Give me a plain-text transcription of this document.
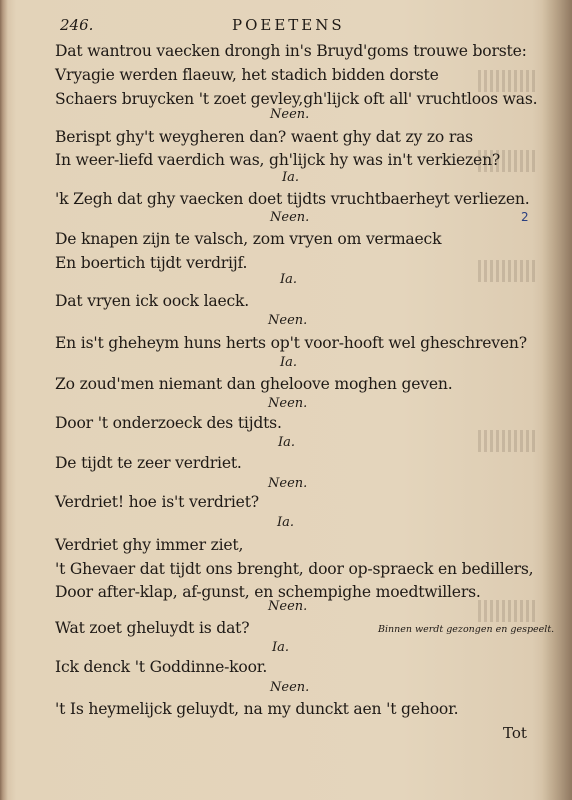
246.	POEETENS
Dat wantrou vaecken drongh in's Bruyd'goms trouwe borste:
Vryagie werden flaeuw, het stadich bidden dorste
Schaers bruycken 't zoet gevley,gh'lijck oft all' vruchtloos was.
Neen.
Berispt ghy't weygheren dan? waent ghy dat zy zo ras
In weer-liefd vaerdich was, gh'lijck hy was in't verkiezen?
Ia.
'k Zegh dat ghy vaecken doet tijdts vruchtbaerheyt verliezen.
Neen.
De knapen zijn te valsch, zom vryen om vermaeck
En boertich tijdt verdrijf.
Ia.
Dat vryen ick oock laeck.
Neen.
En is't gheheym huns herts op't voor-hooft wel gheschreven?
Ia.
Zo zoud'men niemant dan gheloove moghen geven.
Neen.
Door 't onderzoeck des tijdts.
Ia.
De tijdt te zeer verdriet.
Neen.
Verdriet! hoe is't verdriet?
Ia.
Verdriet ghy immer ziet,
't Ghevaer dat tijdt ons brenght, door op-spraeck en bedillers,
Door after-klap, af-gunst, en schempighe moedtwillers.
Neen.
Wat zoet gheluydt is dat?	Binnen werdt gezongen en gespeelt.
Ia.
Ick denck 't Goddinne-koor.
Neen.
't Is heymelijck geluydt, na my dunckt aen 't gehoor.
2
Tot
